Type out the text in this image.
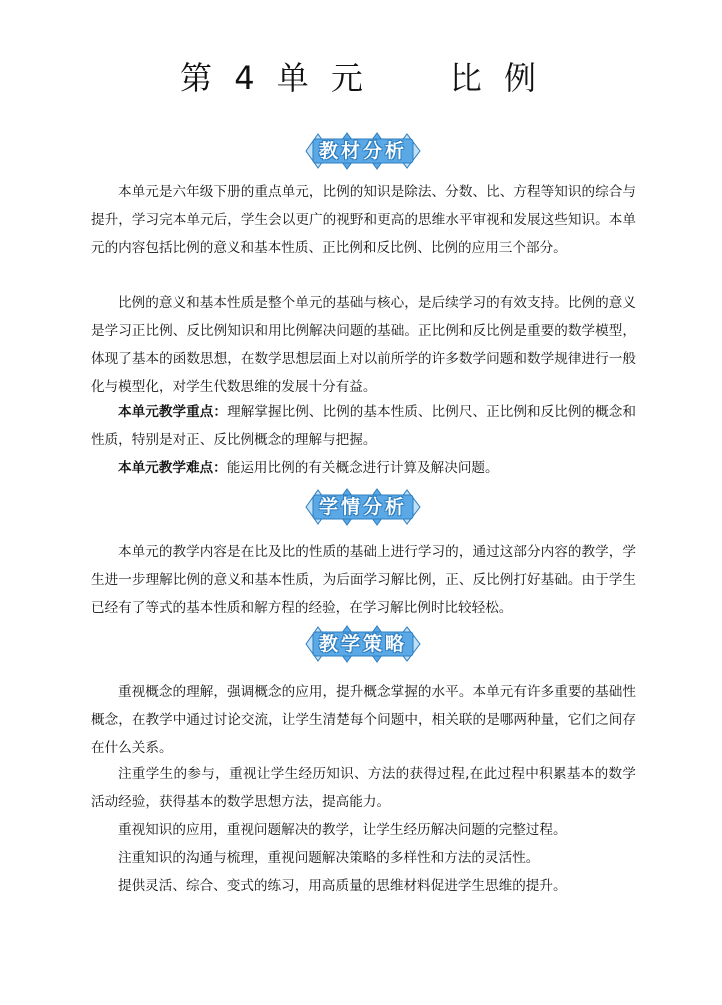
第 4 单 元	比 例
教材分析

本单元是六年级下册的重点单元，比例的知识是除法、分数、比、方程等知识的综合与提升，学习完本单元后，学生会以更广的视野和更高的思维水平审视和发展这些知识。本单元的内容包括比例的意义和基本性质、正比例和反比例、比例的应用三个部分。

比例的意义和基本性质是整个单元的基础与核心，是后续学习的有效支持。比例的意义是学习正比例、反比例知识和用比例解决问题的基础。正比例和反比例是重要的数学模型，体现了基本的函数思想，在数学思想层面上对以前所学的许多数学问题和数学规律进行一般化与模型化，对学生代数思维的发展十分有益。

本单元教学重点：理解掌握比例、比例的基本性质、比例尺、正比例和反比例的概念和性质，特别是对正、反比例概念的理解与把握。

本单元教学难点：能运用比例的有关概念进行计算及解决问题。

学情分析

本单元的教学内容是在比及比的性质的基础上进行学习的，通过这部分内容的教学，学生进一步理解比例的意义和基本性质，为后面学习解比例，正、反比例打好基础。由于学生已经有了等式的基本性质和解方程的经验，在学习解比例时比较轻松。

教学策略

重视概念的理解，强调概念的应用，提升概念掌握的水平。本单元有许多重要的基础性概念，在教学中通过讨论交流，让学生清楚每个问题中，相关联的是哪两种量，它们之间存在什么关系。

注重学生的参与，重视让学生经历知识、方法的获得过程,在此过程中积累基本的数学活动经验，获得基本的数学思想方法，提高能力。

重视知识的应用，重视问题解决的教学，让学生经历解决问题的完整过程。

注重知识的沟通与梳理，重视问题解决策略的多样性和方法的灵活性。

提供灵活、综合、变式的练习，用高质量的思维材料促进学生思维的提升。
